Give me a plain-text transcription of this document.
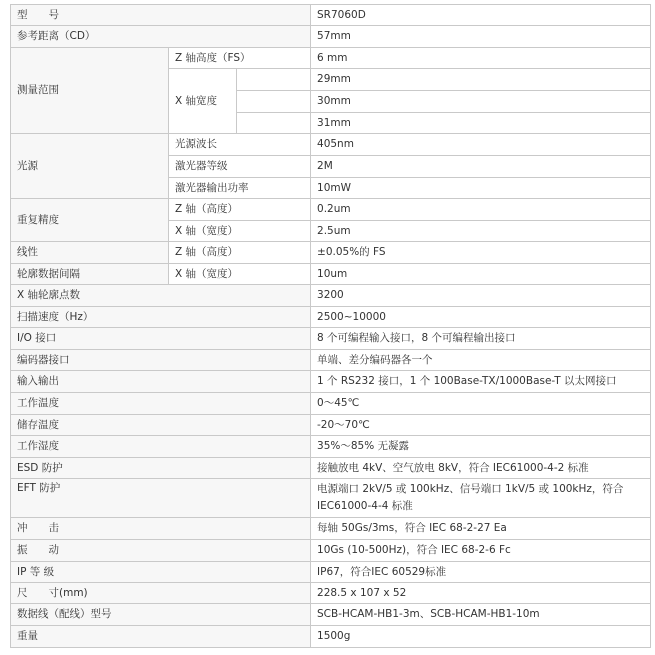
型　　号			SR7060D
参考距离（CD）			57mm
测量范围	Z 轴高度（FS）		6 mm
	X 轴宽度		29mm
			30mm
			31mm
光源	光源波长		405nm
	激光器等级		2M
	激光器输出功率		10mW
重复精度	Z 轴（高度）		0.2um
	X 轴（宽度）		2.5um
线性	Z 轴（高度）		±0.05%的 FS
轮廓数据间隔	X 轴（宽度）		10um
X 轴轮廓点数			3200
扫描速度（Hz）			2500~10000
I/O 接口			8 个可编程输入接口，8 个可编程输出接口
编码器接口			单端、差分编码器各一个
输入输出			1 个 RS232 接口，1 个 100Base-TX/1000Base-T 以太网接口
工作温度			0～45℃
储存温度			-20～70℃
工作湿度			35%～85% 无凝露
ESD 防护			接触放电 4kV、空气放电 8kV，符合 IEC61000-4-2 标准
EFT 防护			电源端口 2kV/5 或 100kHz、信号端口 1kV/5 或 100kHz，符合 IEC61000-4-4 标准
冲　　击			每轴 50Gs/3ms，符合 IEC 68-2-27 Ea
振　　动			10Gs (10-500Hz)，符合 IEC 68-2-6 Fc
IP 等 级			IP67，符合IEC 60529标准
尺　　寸(mm)			228.5 x 107 x 52
数据线（配线）型号			SCB-HCAM-HB1-3m、SCB-HCAM-HB1-10m
重量			1500g
